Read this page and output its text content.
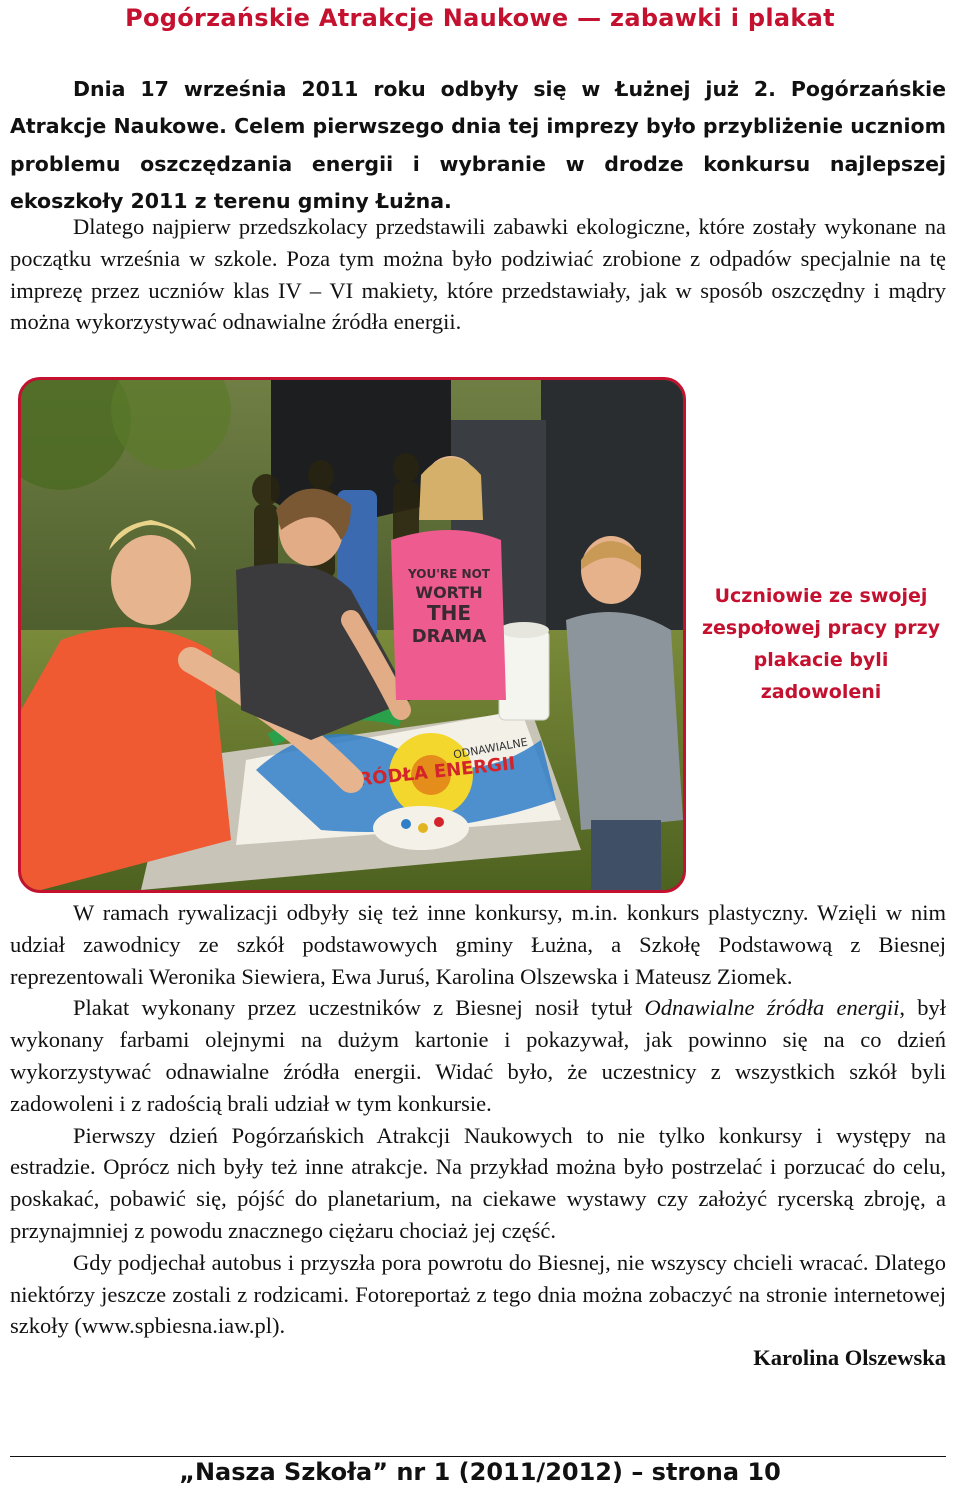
Pogórzańskie Atrakcje Naukowe — zabawki i plakat

Dnia 17 września 2011 roku odbyły się w Łużnej już 2. Pogórzańskie Atrakcje Naukowe. Celem pierwszego dnia tej imprezy było przybliżenie uczniom problemu oszczędzania energii i wybranie w drodze konkursu najlepszej ekoszkoły 2011 z terenu gminy Łużna.

Dlatego najpierw przedszkolacy przedstawili zabawki ekologiczne, które zostały wykonane na początku września w szkole. Poza tym można było podziwiać zrobione z odpadów specjalnie na tę imprezę przez uczniów klas IV – VI makiety, które przedstawiały, jak w sposób oszczędny i mądry można wykorzystywać odnawialne źródła energii.

ŹRÓDŁA ENERGII
ODNAWIALNE
YOU'RE NOT
WORTH
THE
DRAMA
Uczniowie ze swojej zespołowej pracy przy plakacie byli zadowoleni

W ramach rywalizacji odbyły się też inne konkursy, m.in. konkurs plastyczny. Wzięli w nim udział zawodnicy ze szkół podstawowych gminy Łużna, a Szkołę Podstawową z Biesnej reprezentowali Weronika Siewiera, Ewa Juruś, Karolina Olszewska i Mateusz Ziomek.

Plakat wykonany przez uczestników z Biesnej nosił tytuł Odnawialne źródła energii, był wykonany farbami olejnymi na dużym kartonie i pokazywał, jak powinno się na co dzień wykorzystywać odnawialne źródła energii. Widać było, że uczestnicy z wszystkich szkół byli zadowoleni i z radością brali udział w tym konkursie.

Pierwszy dzień Pogórzańskich Atrakcji Naukowych to nie tylko konkursy i występy na estradzie. Oprócz nich były też inne atrakcje. Na przykład można było postrzelać i porzucać do celu, poskakać, pobawić się, pójść do planetarium, na ciekawe wystawy czy założyć rycerską zbroję, a przynajmniej z powodu znacznego ciężaru chociaż jej część.

Gdy podjechał autobus i przyszła pora powrotu do Biesnej, nie wszyscy chcieli wracać. Dlatego niektórzy jeszcze zostali z rodzicami. Fotoreportaż z tego dnia można zobaczyć na stronie internetowej szkoły (www.spbiesna.iaw.pl).

Karolina Olszewska

„Nasza Szkoła” nr 1 (2011/2012) – strona 10
